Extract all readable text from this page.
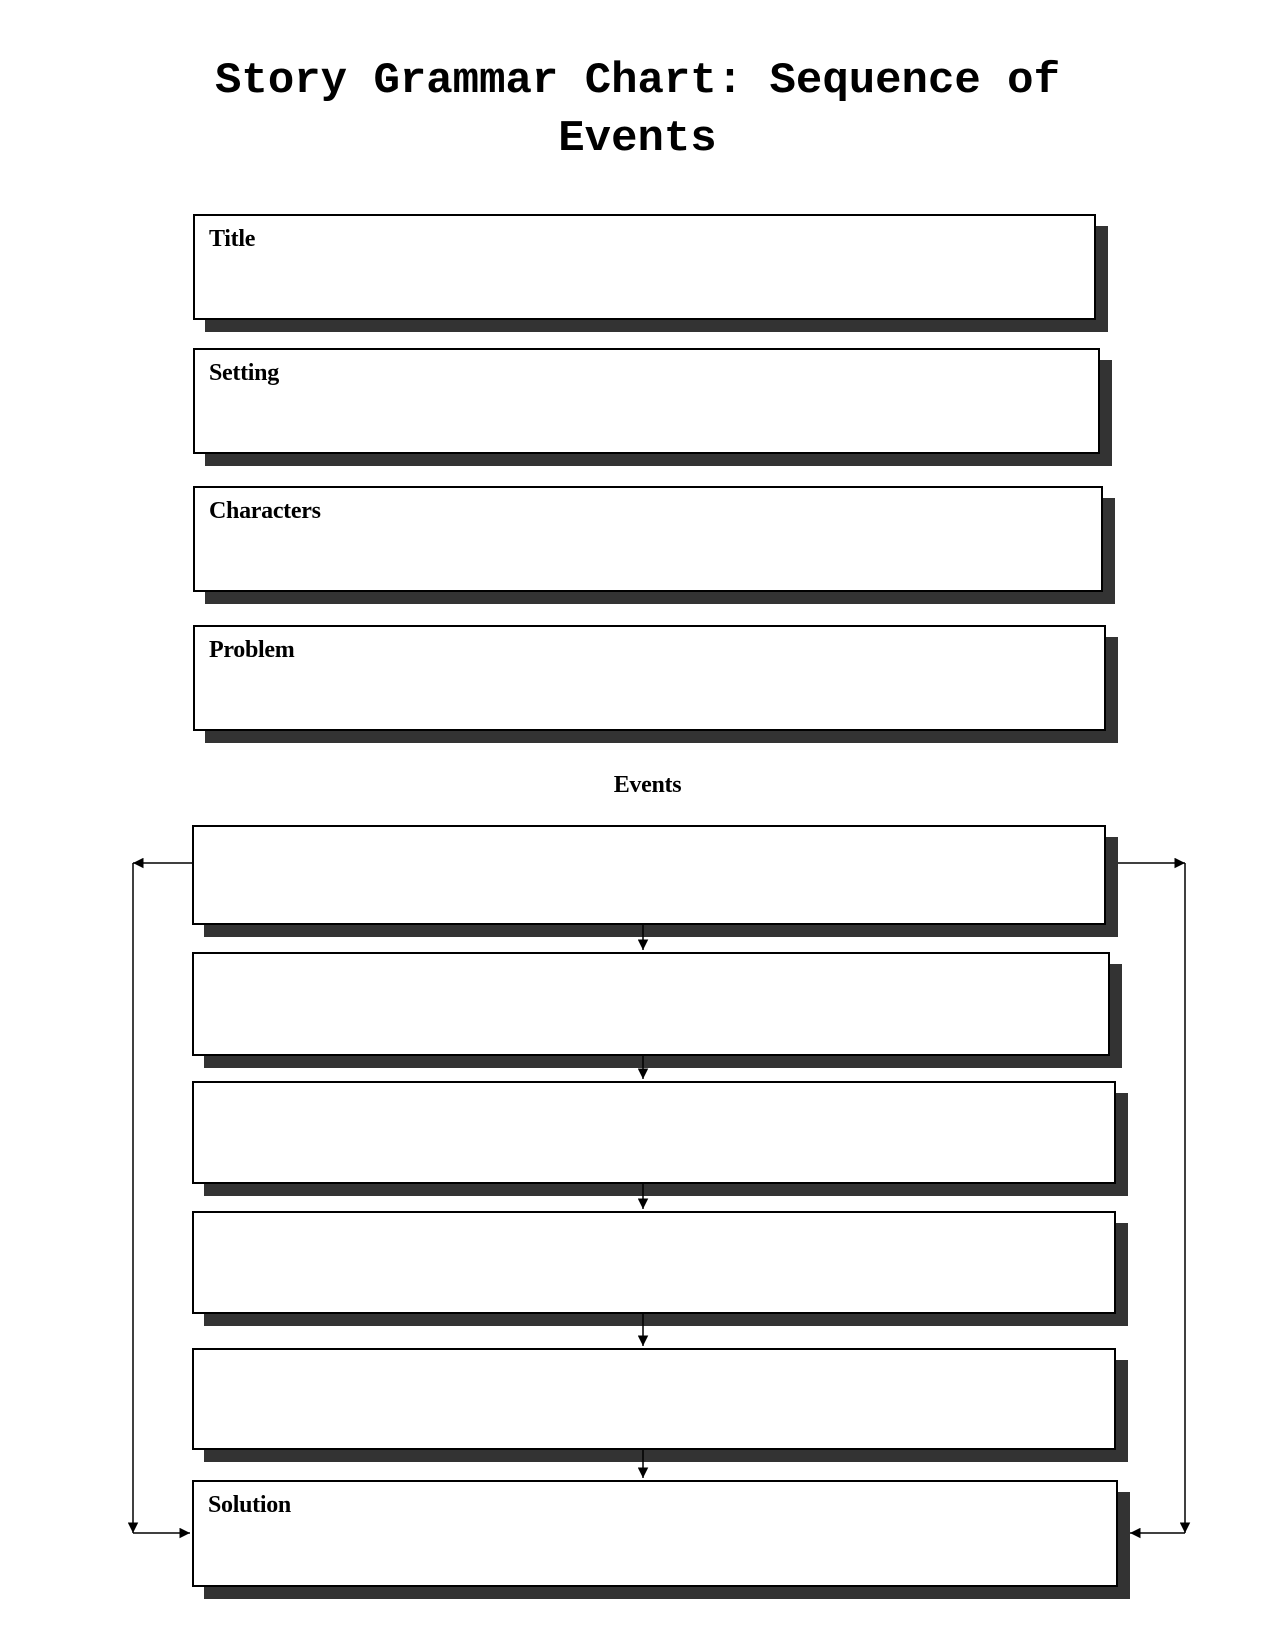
Story Grammar Chart: Sequence of Events
Title
Setting
Characters
Problem
Events
Solution
